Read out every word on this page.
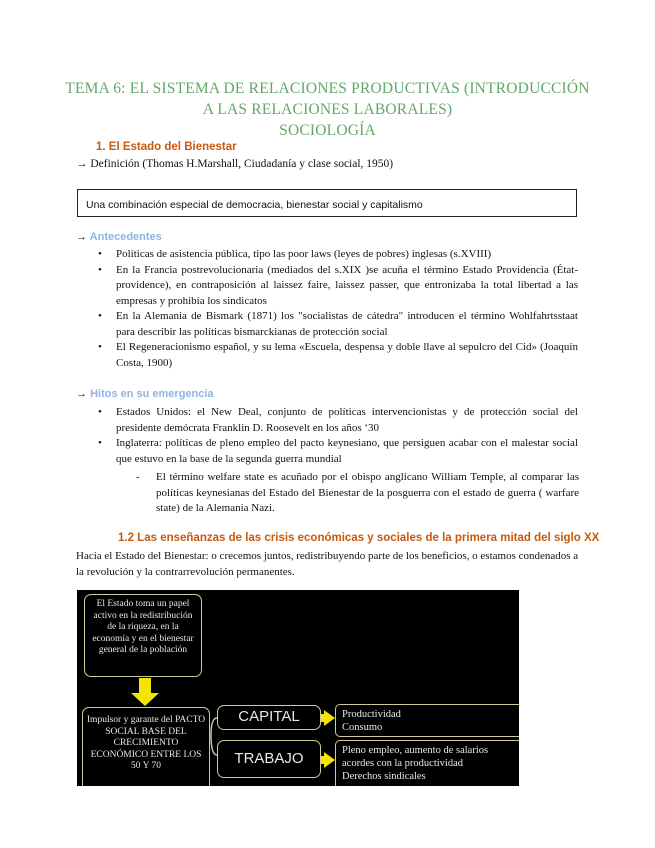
TEMA 6: EL SISTEMA DE RELACIONES PRODUCTIVAS (INTRODUCCIÓN
A LAS RELACIONES LABORALES)
SOCIOLOGÍA
1. El Estado del Bienestar
→ Definición (Thomas H.Marshall, Ciudadanía y clase social, 1950)
Una combinación especial de democracia, bienestar social y capitalismo
→ Antecedentes
• Políticas de asistencia pública, tipo las poor laws (leyes de pobres) inglesas (s.XVIII)
• En la Francia postrevolucionaria (mediados del s.XIX )se acuña el término Estado Providencia (État-providence), en contraposición al laissez faire, laissez passer, que entronizaba la total libertad a las empresas y prohibía los sindicatos
• En la Alemania de Bismark (1871) los "socialistas de cátedra" introducen el término Wohlfahrtsstaat para describir las políticas bismarckianas de protección social
• El Regeneracionismo español, y su lema «Escuela, despensa y doble llave al sepulcro del Cid» (Joaquín Costa, 1900)
→ Hitos en su emergencia
• Estados Unidos: el New Deal, conjunto de políticas intervencionistas y de protección social del presidente demócrata Franklin D. Roosevelt en los años ‘30
• Inglaterra: políticas de pleno empleo del pacto keynesiano, que persiguen acabar con el malestar social que estuvo en la base de la segunda guerra mundial
- El término welfare state es acuñado por el obispo anglicano William Temple, al comparar las políticas keynesianas del Estado del Bienestar de la posguerra con el estado de guerra ( warfare state) de la Alemania Nazi.
1.2 Las enseñanzas de las crisis económicas y sociales de la primera mitad del siglo XX
Hacia el Estado del Bienestar: o crecemos juntos, redistribuyendo parte de los beneficios, o estamos condenados a la revolución y la contrarrevolución permanentes.
El Estado toma un papel activo en la redistribución de la riqueza, en la economía y en el bienestar general de la población
Impulsor y garante del PACTO SOCIAL BASE DEL CRECIMIENTO ECONÓMICO ENTRE LOS 50 Y 70
CAPITAL
TRABAJO
Productividad
Consumo
Pleno empleo, aumento de salarios
acordes con la productividad
Derechos sindicales
